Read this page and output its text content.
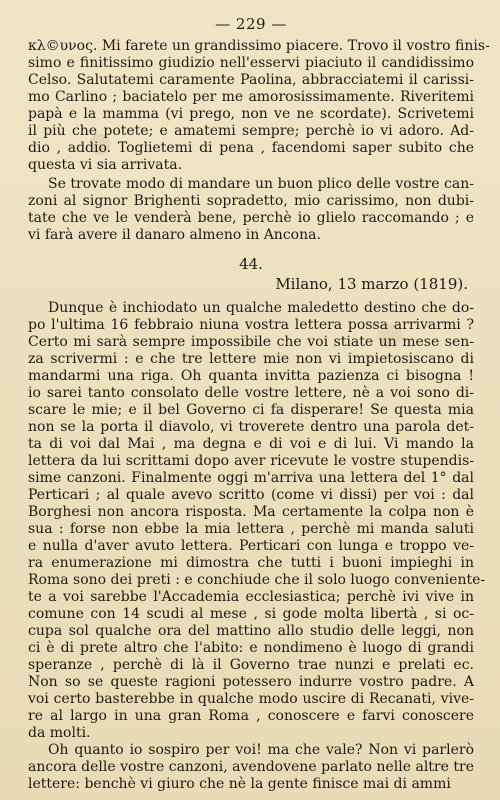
— 229 —
κλ©υνος. Mi farete un grandissimo piacere. Trovo il vostro finis-
simo e finitissimo giudizio nell'esservi piaciuto il candidissimo
Celso. Salutatemi caramente Paolina, abbracciatemi il carissi-
mo Carlino ; baciatelo per me amorosissimamente. Riveritemi
papà e la mamma (vi prego, non ve ne scordate). Scrivetemi
il più che potete; e amatemi sempre; perchè io vi adoro. Ad-
dio , addio. Toglietemi di pena , facendomi saper subito che
questa vi sia arrivata.
Se trovate modo di mandare un buon plico delle vostre can-
zoni al signor Brighenti sopradetto, mio carissimo, non dubi-
tate che ve le venderà bene, perchè io glielo raccomando ; e
vi farà avere il danaro almeno in Ancona.
44.
Milano, 13 marzo (1819).
Dunque è inchiodato un qualche maledetto destino che do-
po l'ultima 16 febbraio niuna vostra lettera possa arrivarmi ?
Certo mi sarà sempre impossibile che voi stiate un mese sen-
za scrivermi : e che tre lettere mie non vi impietosiscano di
mandarmi una riga. Oh quanta invitta pazienza ci bisogna !
io sarei tanto consolato delle vostre lettere, nè a voi sono di-
scare le mie; e il bel Governo ci fa disperare! Se questa mia
non se la porta il diavolo, vi troverete dentro una parola det-
ta di voi dal Mai , ma degna e di voi e di lui. Vi mando la
lettera da lui scrittami dopo aver ricevute le vostre stupendis-
sime canzoni. Finalmente oggi m'arriva una lettera del 1° dal
Perticari ; al quale avevo scritto (come vi dissi) per voi : dal
Borghesi non ancora risposta. Ma certamente la colpa non è
sua : forse non ebbe la mia lettera , perchè mi manda saluti
e nulla d'aver avuto lettera. Perticari con lunga e troppo ve-
ra enumerazione mi dimostra che tutti i buoni impieghi in
Roma sono dei preti : e conchiude che il solo luogo conveniente-
te a voi sarebbe l'Accademia ecclesiastica; perchè ivi vive in
comune con 14 scudi al mese , si gode molta libertà , si oc-
cupa sol qualche ora del mattino allo studio delle leggi, non
ci è di prete altro che l'abito: e nondimeno è luogo di grandi
speranze , perchè di là il Governo trae nunzi e prelati ec.
Non so se queste ragioni potessero indurre vostro padre. A
voi certo basterebbe in qualche modo uscire di Recanati, vive-
re al largo in una gran Roma , conoscere e farvi conoscere
da molti.
Oh quanto io sospiro per voi! ma che vale? Non vi parlerò
ancora delle vostre canzoni, avendovene parlato nelle altre tre
lettere: benchè vi giuro che nè la gente finisce mai di ammi
